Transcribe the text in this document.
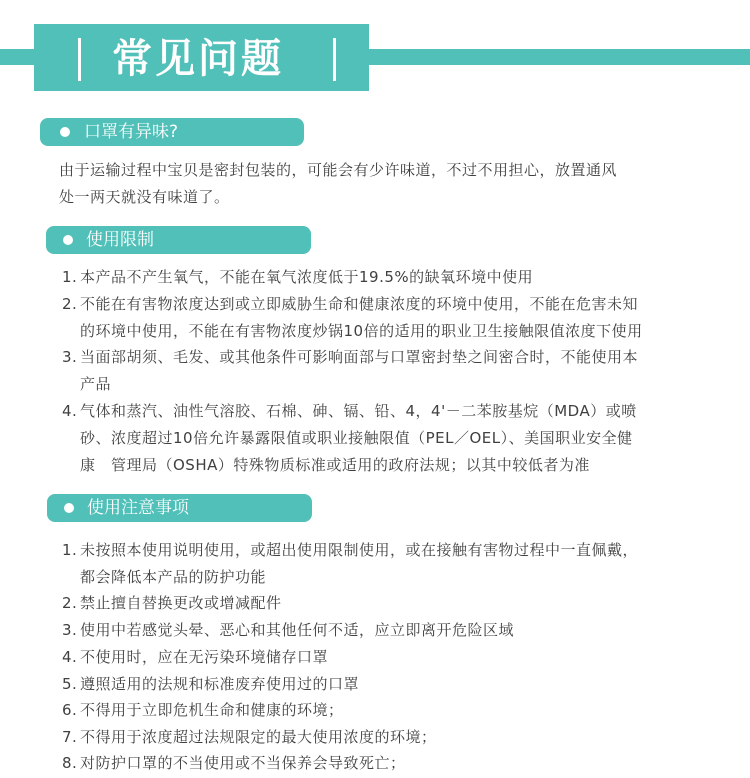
常见问题
口罩有异味?
由于运输过程中宝贝是密封包装的，可能会有少许味道，不过不用担心，放置通风
处一两天就没有味道了。
使用限制
1. 本产品不产生氧气，不能在氧气浓度低于19.5%的缺氧环境中使用
2. 不能在有害物浓度达到或立即威胁生命和健康浓度的环境中使用，不能在危害未知
的环境中使用，不能在有害物浓度炒锅10倍的适用的职业卫生接触限值浓度下使用
3. 当面部胡须、毛发、或其他条件可影响面部与口罩密封垫之间密合时，不能使用本
产品
4. 气体和蒸汽、油性气溶胶、石棉、砷、镉、铅、4，4'－二苯胺基烷（MDA）或喷
砂、浓度超过10倍允许暴露限值或职业接触限值（PEL／OEL）、美国职业安全健
康　管理局（OSHA）特殊物质标准或适用的政府法规；以其中较低者为准
使用注意事项
1. 未按照本使用说明使用，或超出使用限制使用，或在接触有害物过程中一直佩戴，
都会降低本产品的防护功能
2. 禁止擅自替换更改或增减配件
3. 使用中若感觉头晕、恶心和其他任何不适，应立即离开危险区域
4. 不使用时，应在无污染环境储存口罩
5. 遵照适用的法规和标准废弃使用过的口罩
6. 不得用于立即危机生命和健康的环境；
7. 不得用于浓度超过法规限定的最大使用浓度的环境；
8. 对防护口罩的不当使用或不当保养会导致死亡；
